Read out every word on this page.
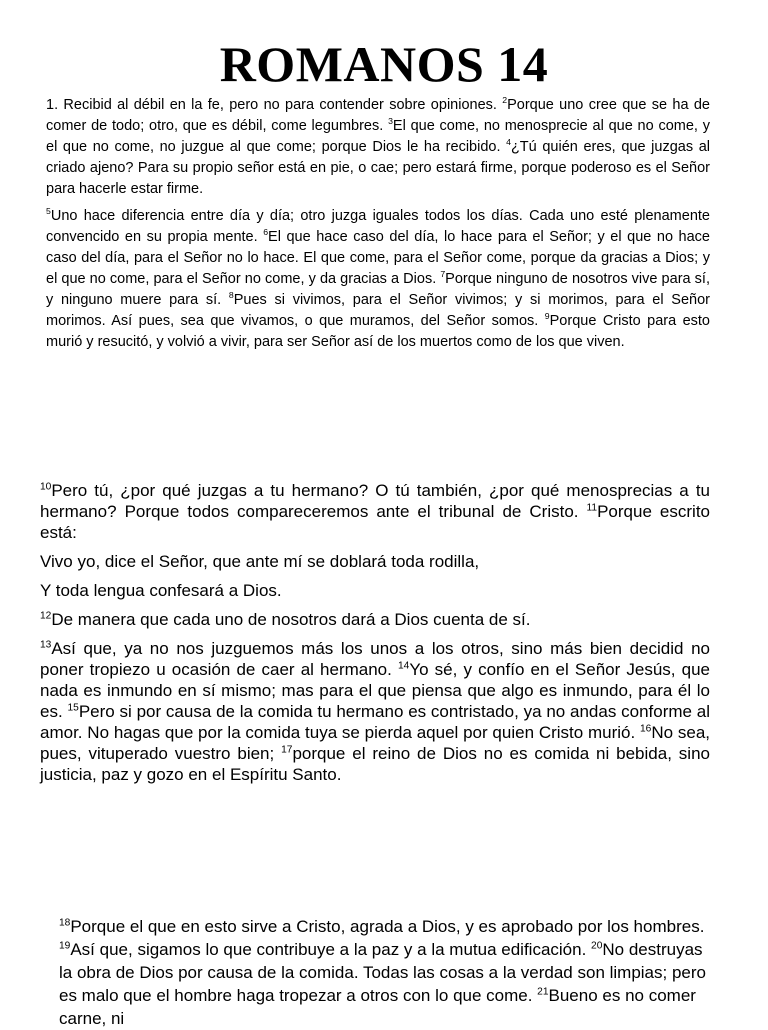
ROMANOS 14

1. Recibid al débil en la fe, pero no para contender sobre opiniones. $^2$Porque uno cree que se ha de comer de todo; otro, que es débil, come legumbres. $^3$El que come, no menosprecie al que no come, y el que no come, no juzgue al que come; porque Dios le ha recibido. $^4$¿Tú quién eres, que juzgas al criado ajeno? Para su propio señor está en pie, o cae; pero estará firme, porque poderoso es el Señor para hacerle estar firme.

$^5$Uno hace diferencia entre día y día; otro juzga iguales todos los días. Cada uno esté plenamente convencido en su propia mente. $^6$El que hace caso del día, lo hace para el Señor; y el que no hace caso del día, para el Señor no lo hace. El que come, para el Señor come, porque da gracias a Dios; y el que no come, para el Señor no come, y da gracias a Dios. $^7$Porque ninguno de nosotros vive para sí, y ninguno muere para sí. $^8$Pues si vivimos, para el Señor vivimos; y si morimos, para el Señor morimos. Así pues, sea que vivamos, o que muramos, del Señor somos. $^9$Porque Cristo para esto murió y resucitó, y volvió a vivir, para ser Señor así de los muertos como de los que viven.

$^{10}$Pero tú, ¿por qué juzgas a tu hermano? O tú también, ¿por qué menosprecias a tu hermano? Porque todos compareceremos ante el tribunal de Cristo. $^{11}$Porque escrito está:

Vivo yo, dice el Señor, que ante mí se doblará toda rodilla,

Y toda lengua confesará a Dios.

$^{12}$De manera que cada uno de nosotros dará a Dios cuenta de sí.

$^{13}$Así que, ya no nos juzguemos más los unos a los otros, sino más bien decidid no poner tropiezo u ocasión de caer al hermano. $^{14}$Yo sé, y confío en el Señor Jesús, que nada es inmundo en sí mismo; mas para el que piensa que algo es inmundo, para él lo es. $^{15}$Pero si por causa de la comida tu hermano es contristado, ya no andas conforme al amor. No hagas que por la comida tuya se pierda aquel por quien Cristo murió. $^{16}$No sea, pues, vituperado vuestro bien; $^{17}$porque el reino de Dios no es comida ni bebida, sino justicia, paz y gozo en el Espíritu Santo.

$^{18}$Porque el que en esto sirve a Cristo, agrada a Dios, y es aprobado por los hombres. $^{19}$Así que, sigamos lo que contribuye a la paz y a la mutua edificación. $^{20}$No destruyas la obra de Dios por causa de la comida. Todas las cosas a la verdad son limpias; pero es malo que el hombre haga tropezar a otros con lo que come. $^{21}$Bueno es no comer carne, ni
